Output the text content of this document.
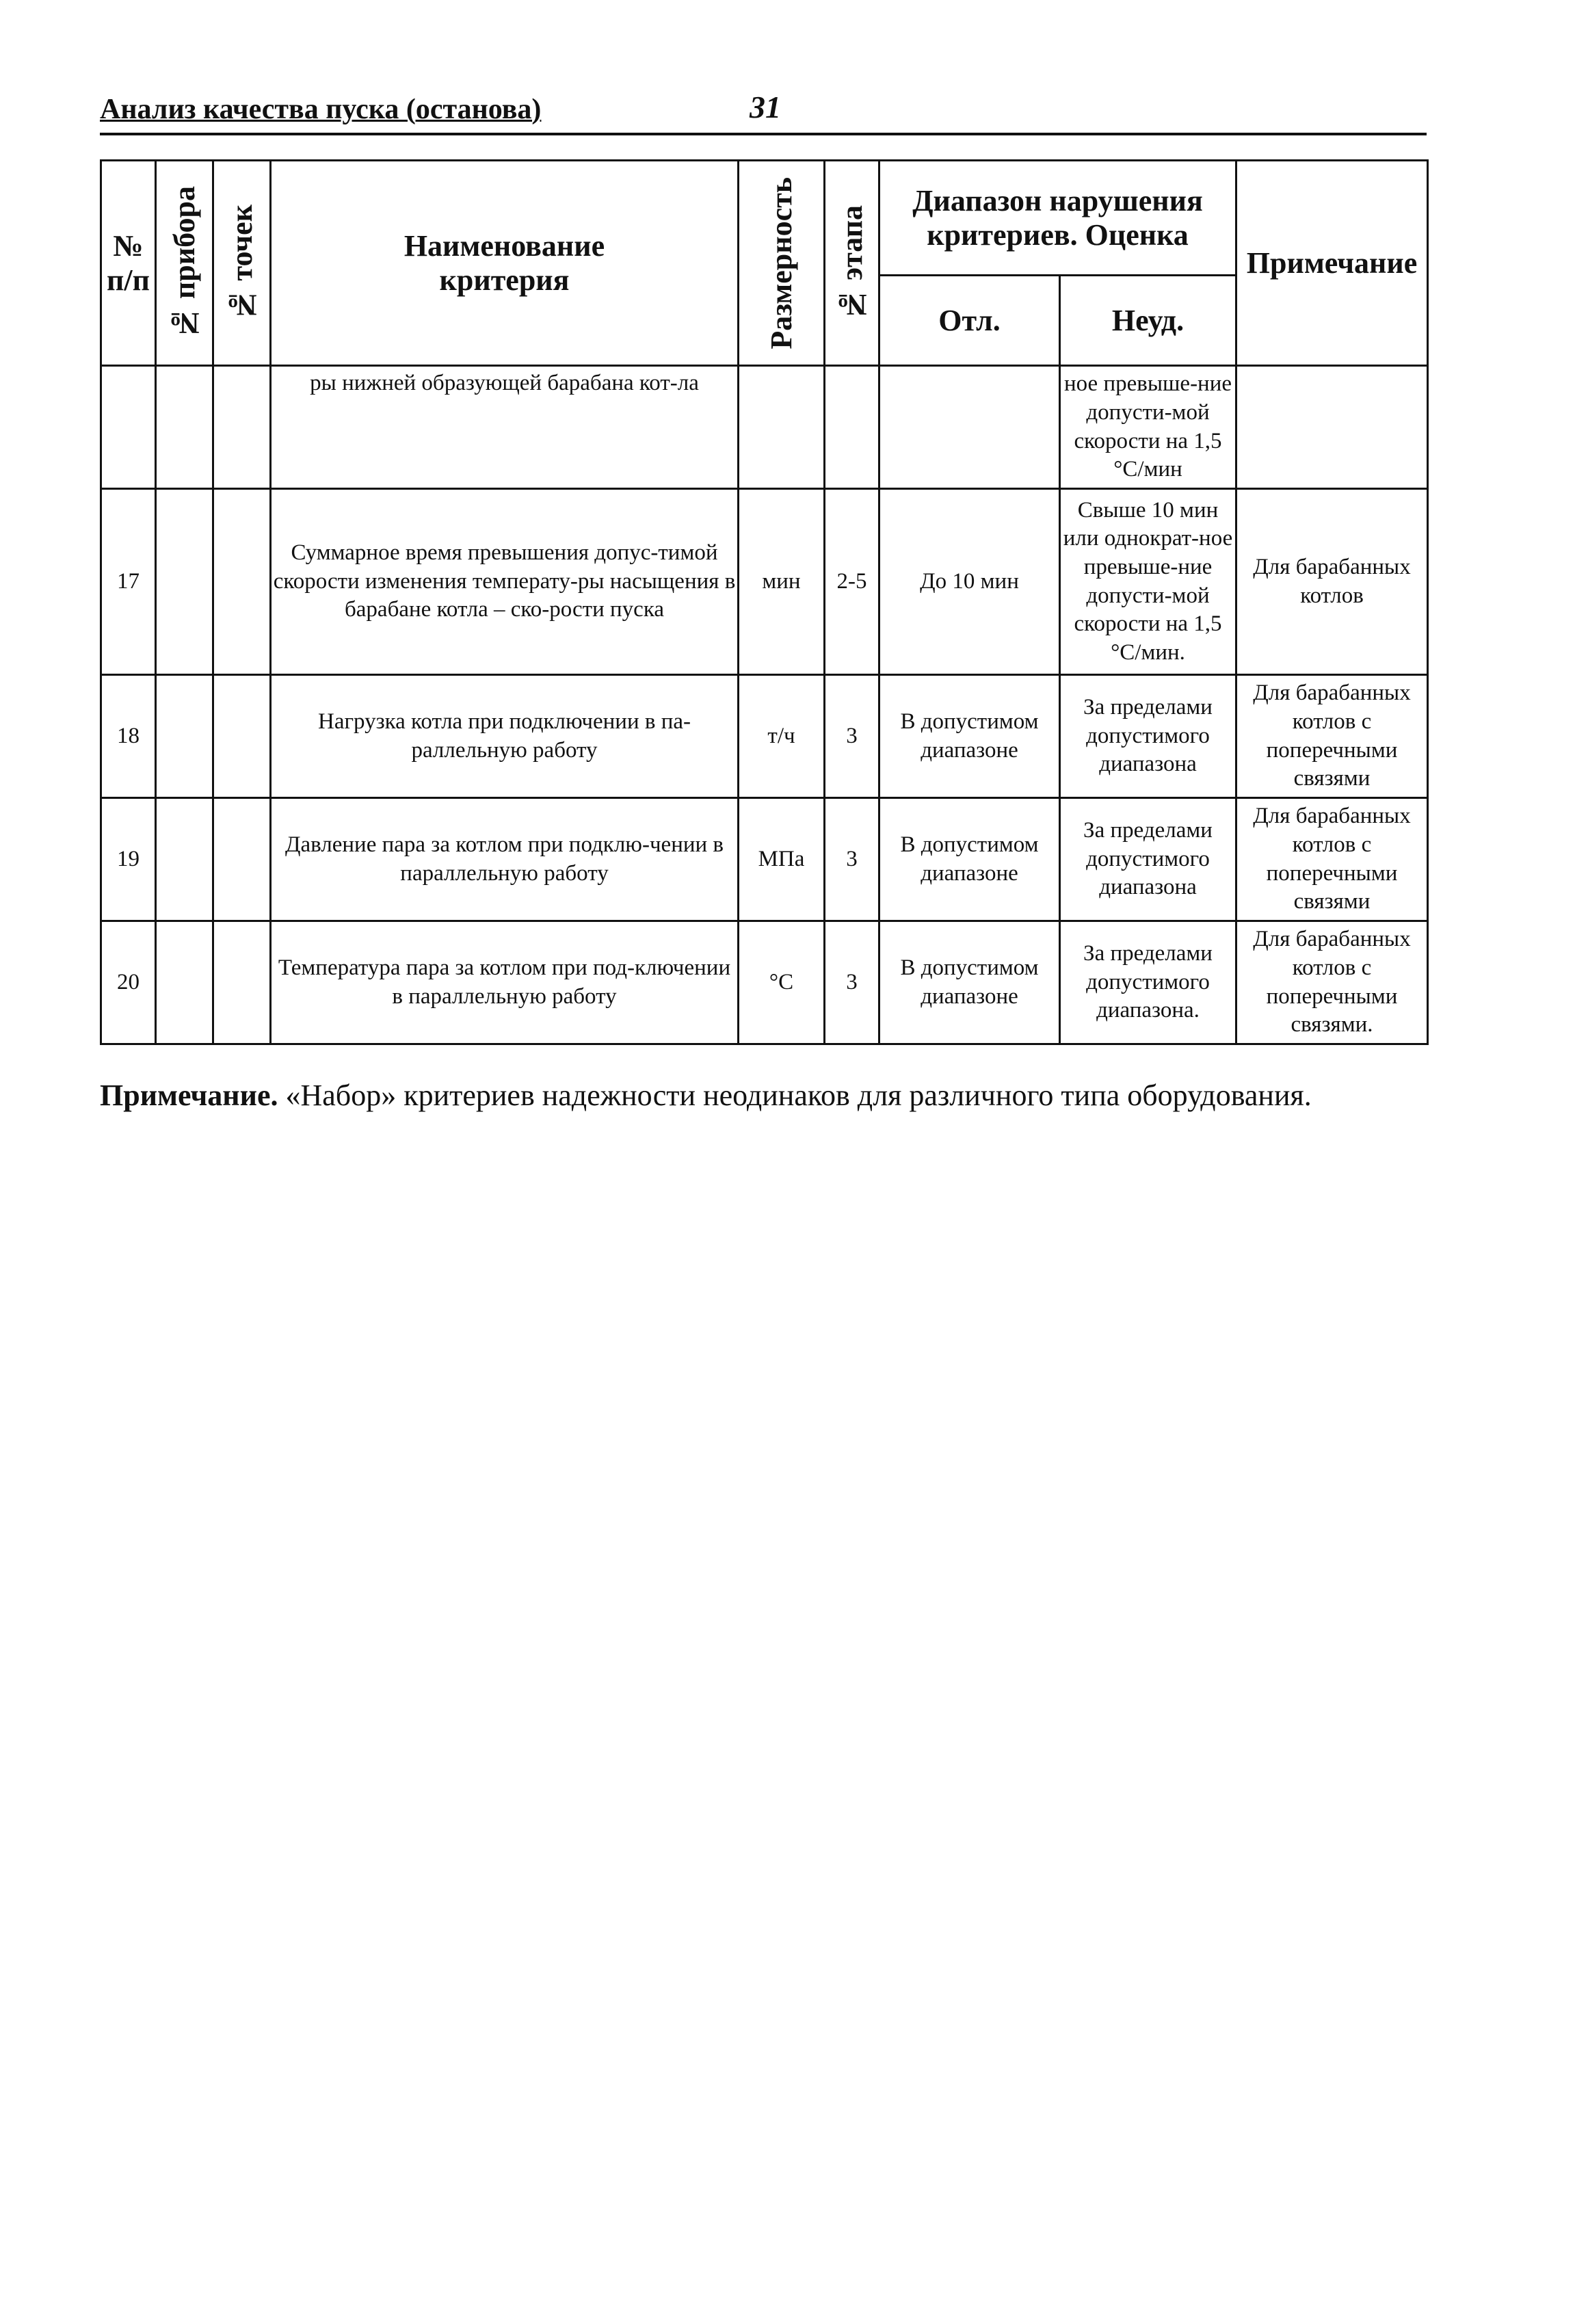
Анализ качества пуска (останова)	31
№ п/п	№ прибора	№ точек	Наименование критерия	Размерность	№ этапа	Диапазон нарушения критериев. Оценка		Примечание
						Отл.	Неуд.	
			ры нижней образующей барабана кот-ла				ное превыше-ние допусти-мой скорости на 1,5 °С/мин	
17			Суммарное время превышения допус-тимой скорости изменения температу-ры насыщения в барабане котла – ско-рости пуска	мин	2-5	До 10 мин	Свыше 10 мин или однократ-ное превыше-ние допусти-мой скорости на 1,5 °С/мин.	Для барабанных котлов
18			Нагрузка котла при подключении в па-раллельную работу	т/ч	3	В допустимом диапазоне	За пределами допустимого диапазона	Для барабанных котлов с поперечными связями
19			Давление пара за котлом при подклю-чении в параллельную работу	МПа	3	В допустимом диапазоне	За пределами допустимого диапазона	Для барабанных котлов с поперечными связями
20			Температура пара за котлом при под-ключении в параллельную работу	°С	3	В допустимом диапазоне	За пределами допустимого диапазона.	Для барабанных котлов с поперечными связями.
Примечание. «Набор» критериев надежности неодинаков для различного типа оборудования.
